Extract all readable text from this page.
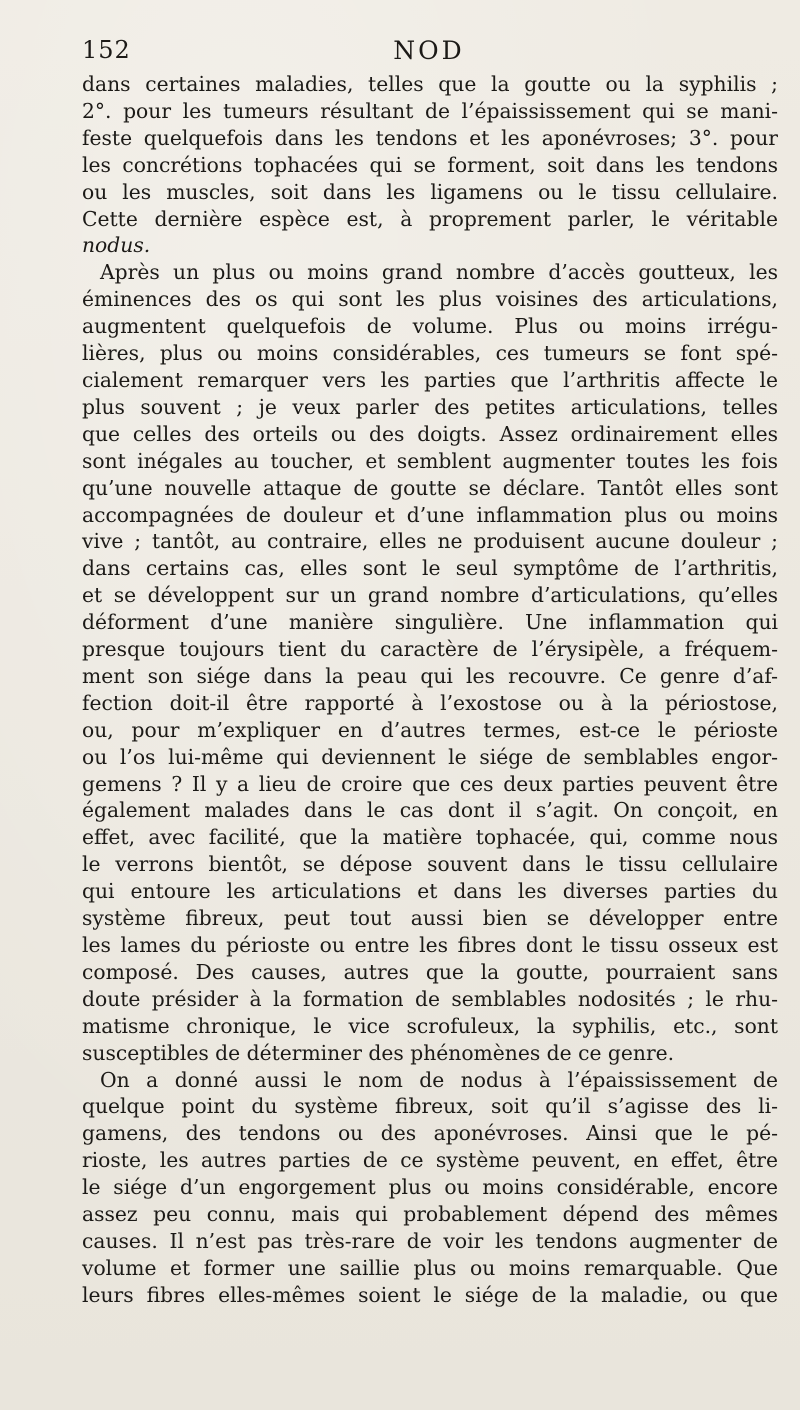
152	NOD
dans certaines maladies, telles que la goutte ou la syphilis ;
2°. pour les tumeurs résultant de l’épaississement qui se mani-
feste quelquefois dans les tendons et les aponévroses; 3°. pour
les concrétions tophacées qui se forment, soit dans les tendons
ou les muscles, soit dans les ligamens ou le tissu cellulaire.
Cette dernière espèce est, à proprement parler, le véritable
nodus.
Après un plus ou moins grand nombre d’accès goutteux, les
éminences des os qui sont les plus voisines des articulations,
augmentent quelquefois de volume. Plus ou moins irrégu-
lières, plus ou moins considérables, ces tumeurs se font spé-
cialement remarquer vers les parties que l’arthritis affecte le
plus souvent ; je veux parler des petites articulations, telles
que celles des orteils ou des doigts. Assez ordinairement elles
sont inégales au toucher, et semblent augmenter toutes les fois
qu’une nouvelle attaque de goutte se déclare. Tantôt elles sont
accompagnées de douleur et d’une inflammation plus ou moins
vive ; tantôt, au contraire, elles ne produisent aucune douleur ;
dans certains cas, elles sont le seul symptôme de l’arthritis,
et se développent sur un grand nombre d’articulations, qu’elles
déforment d’une manière singulière. Une inflammation qui
presque toujours tient du caractère de l’érysipèle, a fréquem-
ment son siége dans la peau qui les recouvre. Ce genre d’af-
fection doit-il être rapporté à l’exostose ou à la périostose,
ou, pour m’expliquer en d’autres termes, est-ce le périoste
ou l’os lui-même qui deviennent le siége de semblables engor-
gemens ? Il y a lieu de croire que ces deux parties peuvent être
également malades dans le cas dont il s’agit. On conçoit, en
effet, avec facilité, que la matière tophacée, qui, comme nous
le verrons bientôt, se dépose souvent dans le tissu cellulaire
qui entoure les articulations et dans les diverses parties du
système fibreux, peut tout aussi bien se développer entre
les lames du périoste ou entre les fibres dont le tissu osseux est
composé. Des causes, autres que la goutte, pourraient sans
doute présider à la formation de semblables nodosités ; le rhu-
matisme chronique, le vice scrofuleux, la syphilis, etc., sont
susceptibles de déterminer des phénomènes de ce genre.
On a donné aussi le nom de nodus à l’épaississement de
quelque point du système fibreux, soit qu’il s’agisse des li-
gamens, des tendons ou des aponévroses. Ainsi que le pé-
rioste, les autres parties de ce système peuvent, en effet, être
le siége d’un engorgement plus ou moins considérable, encore
assez peu connu, mais qui probablement dépend des mêmes
causes. Il n’est pas très-rare de voir les tendons augmenter de
volume et former une saillie plus ou moins remarquable. Que
leurs fibres elles-mêmes soient le siége de la maladie, ou que
